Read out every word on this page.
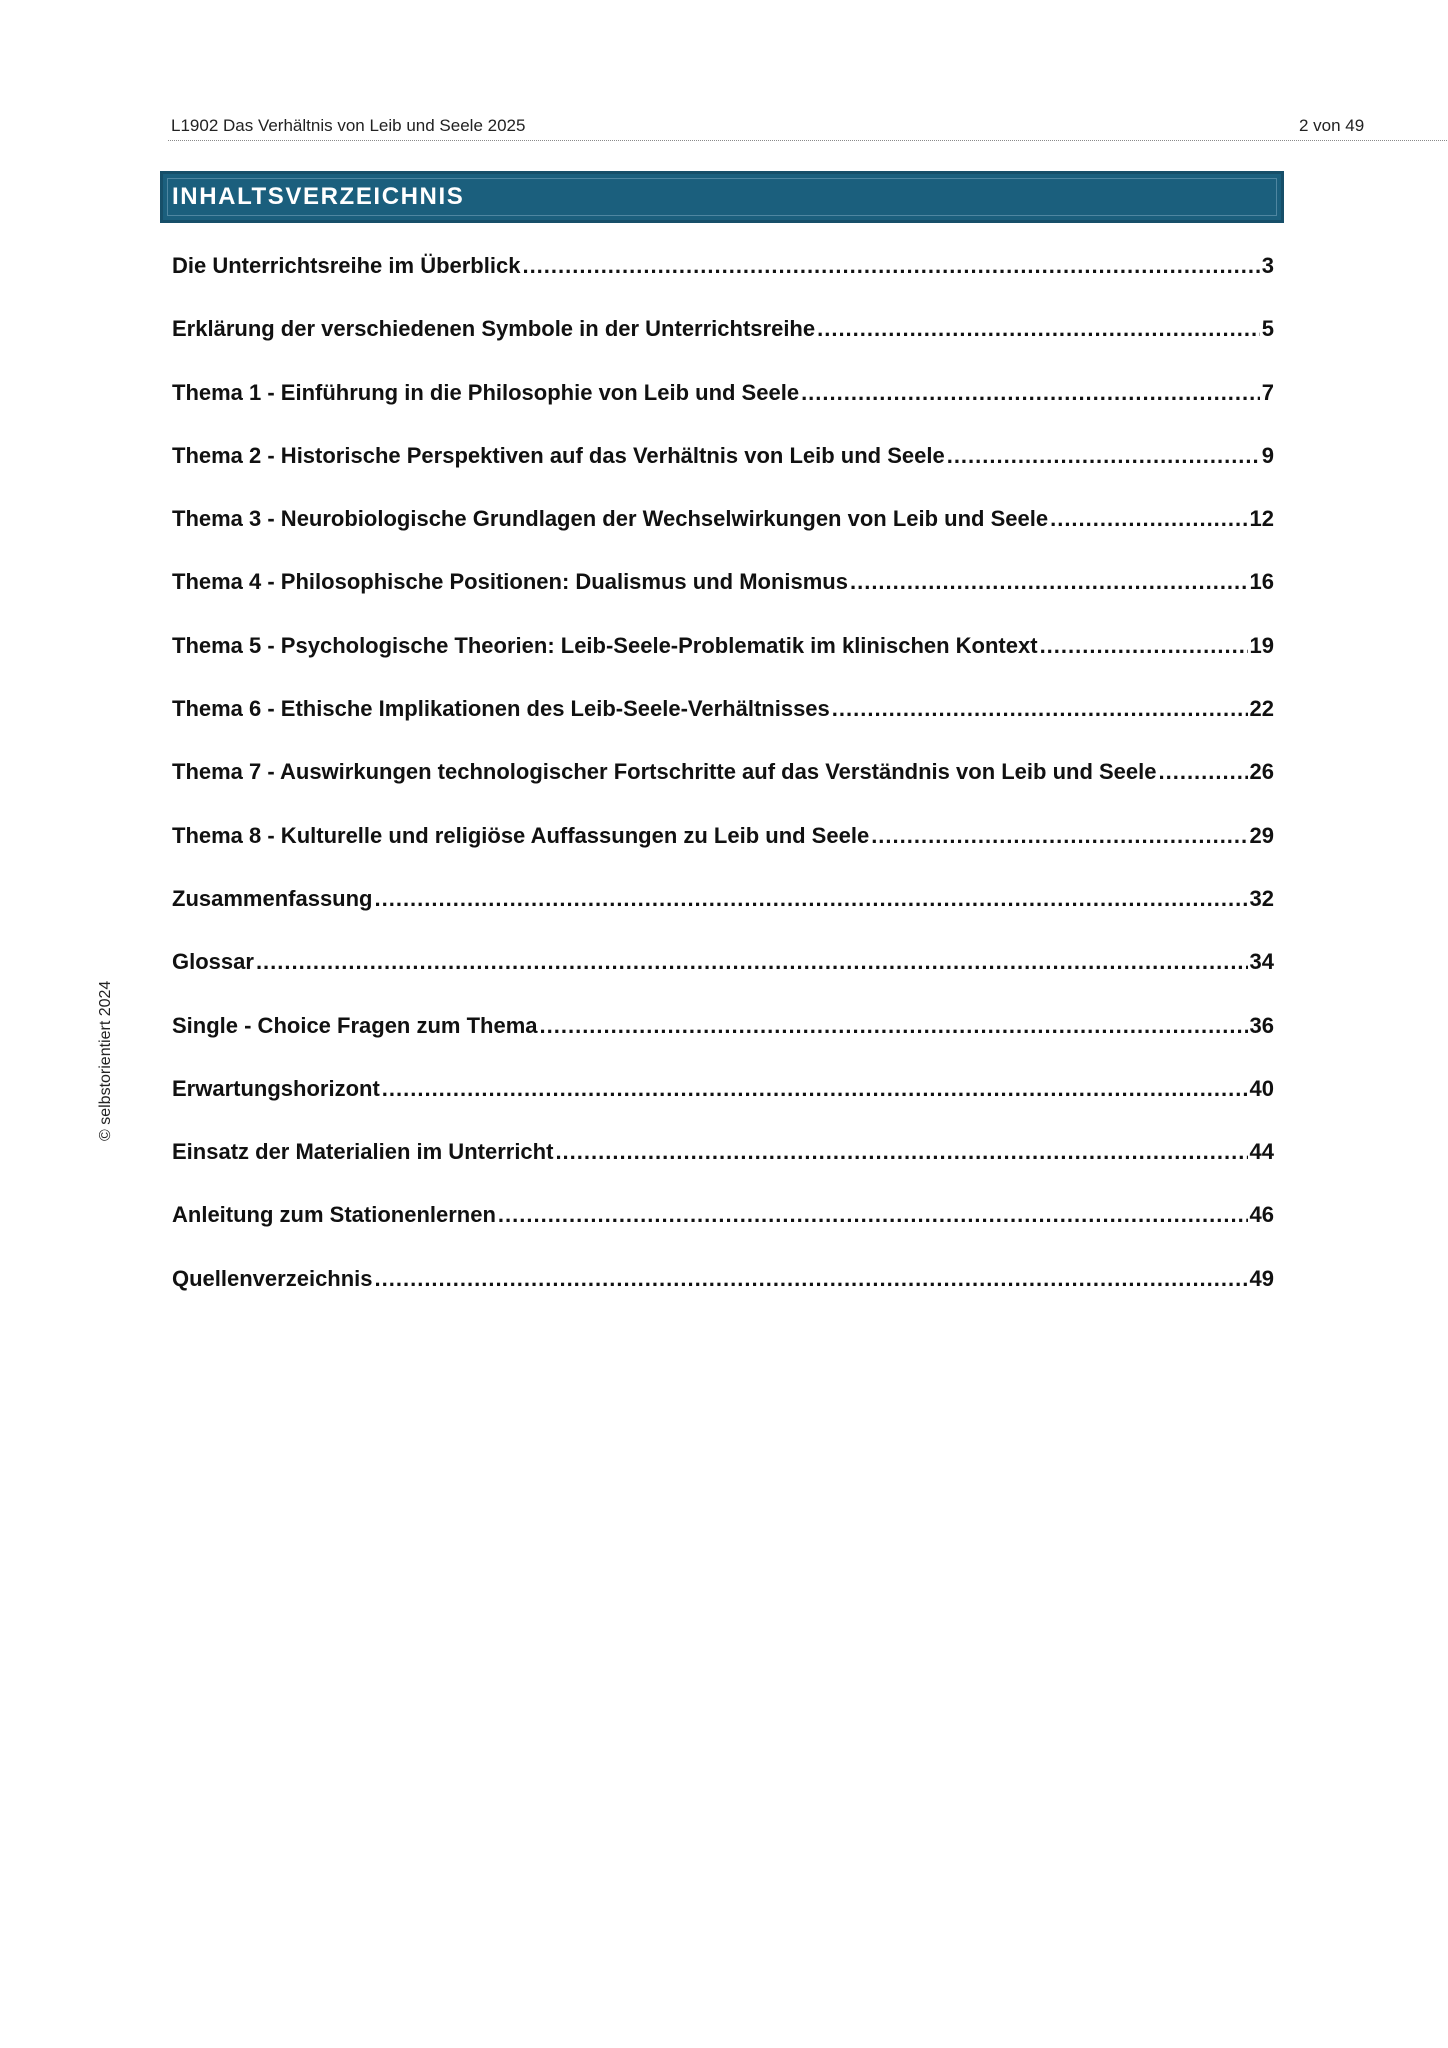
L1902 Das Verhältnis von Leib und Seele 2025	2 von 49
INHALTSVERZEICHNIS
Die Unterrichtsreihe im Überblick .....	3
Erklärung der verschiedenen Symbole in der Unterrichtsreihe .....	5
Thema 1 - Einführung in die Philosophie von Leib und Seele .....	7
Thema 2 - Historische Perspektiven auf das Verhältnis von Leib und Seele .....	9
Thema 3 - Neurobiologische Grundlagen der Wechselwirkungen von Leib und Seele .....	12
Thema 4 - Philosophische Positionen: Dualismus und Monismus .....	16
Thema 5 - Psychologische Theorien: Leib-Seele-Problematik im klinischen Kontext .....	19
Thema 6 - Ethische Implikationen des Leib-Seele-Verhältnisses .....	22
Thema 7 - Auswirkungen technologischer Fortschritte auf das Verständnis von Leib und Seele .....	26
Thema 8 - Kulturelle und religiöse Auffassungen zu Leib und Seele .....	29
Zusammenfassung .....	32
Glossar .....	34
Single - Choice Fragen zum Thema .....	36
Erwartungshorizont .....	40
Einsatz der Materialien im Unterricht .....	44
Anleitung zum Stationenlernen .....	46
Quellenverzeichnis .....	49
© selbstorientiert 2024
